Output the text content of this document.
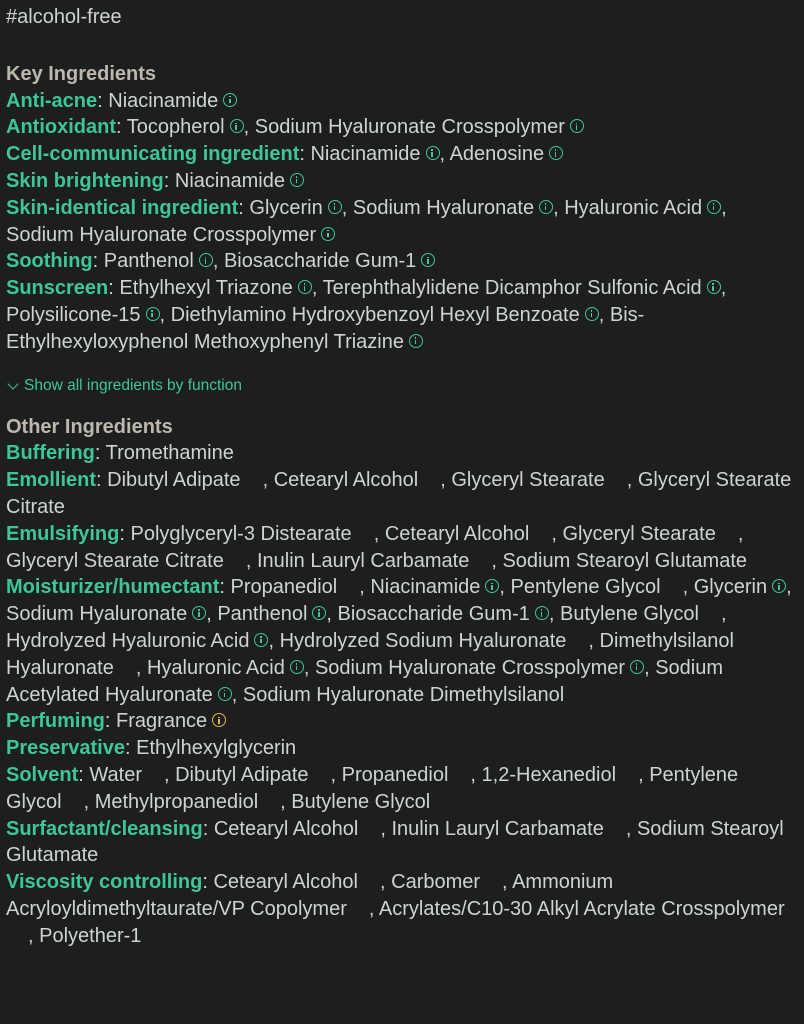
#alcohol-free

Key Ingredients

Anti-acne: Niacinamide
Antioxidant: Tocopherol , Sodium Hyaluronate Crosspolymer
Cell-communicating ingredient: Niacinamide , Adenosine
Skin brightening: Niacinamide
Skin-identical ingredient: Glycerin , Sodium Hyaluronate , Hyaluronic Acid , Sodium Hyaluronate Crosspolymer
Soothing: Panthenol , Biosaccharide Gum-1
Sunscreen: Ethylhexyl Triazone , Terephthalylidene Dicamphor Sulfonic Acid , Polysilicone-15 , Diethylamino Hydroxybenzoyl Hexyl Benzoate , Bis-Ethylhexyloxyphenol Methoxyphenyl Triazine
Show all ingredients by function

Other Ingredients

Buffering: Tromethamine
Emollient: Dibutyl Adipate , Cetearyl Alcohol , Glyceryl Stearate , Glyceryl Stearate Citrate
Emulsifying: Polyglyceryl-3 Distearate , Cetearyl Alcohol , Glyceryl Stearate , Glyceryl Stearate Citrate , Inulin Lauryl Carbamate , Sodium Stearoyl Glutamate
Moisturizer/humectant: Propanediol , Niacinamide , Pentylene Glycol , Glycerin , Sodium Hyaluronate , Panthenol , Biosaccharide Gum-1 , Butylene Glycol , Hydrolyzed Hyaluronic Acid , Hydrolyzed Sodium Hyaluronate , Dimethylsilanol Hyaluronate , Hyaluronic Acid , Sodium Hyaluronate Crosspolymer , Sodium Acetylated Hyaluronate , Sodium Hyaluronate Dimethylsilanol
Perfuming: Fragrance
Preservative: Ethylhexylglycerin
Solvent: Water , Dibutyl Adipate , Propanediol , 1,2-Hexanediol , Pentylene Glycol , Methylpropanediol , Butylene Glycol
Surfactant/cleansing: Cetearyl Alcohol , Inulin Lauryl Carbamate , Sodium Stearoyl Glutamate
Viscosity controlling: Cetearyl Alcohol , Carbomer , Ammonium Acryloyldimethyltaurate/VP Copolymer , Acrylates/C10-30 Alkyl Acrylate Crosspolymer, Polyether-1
